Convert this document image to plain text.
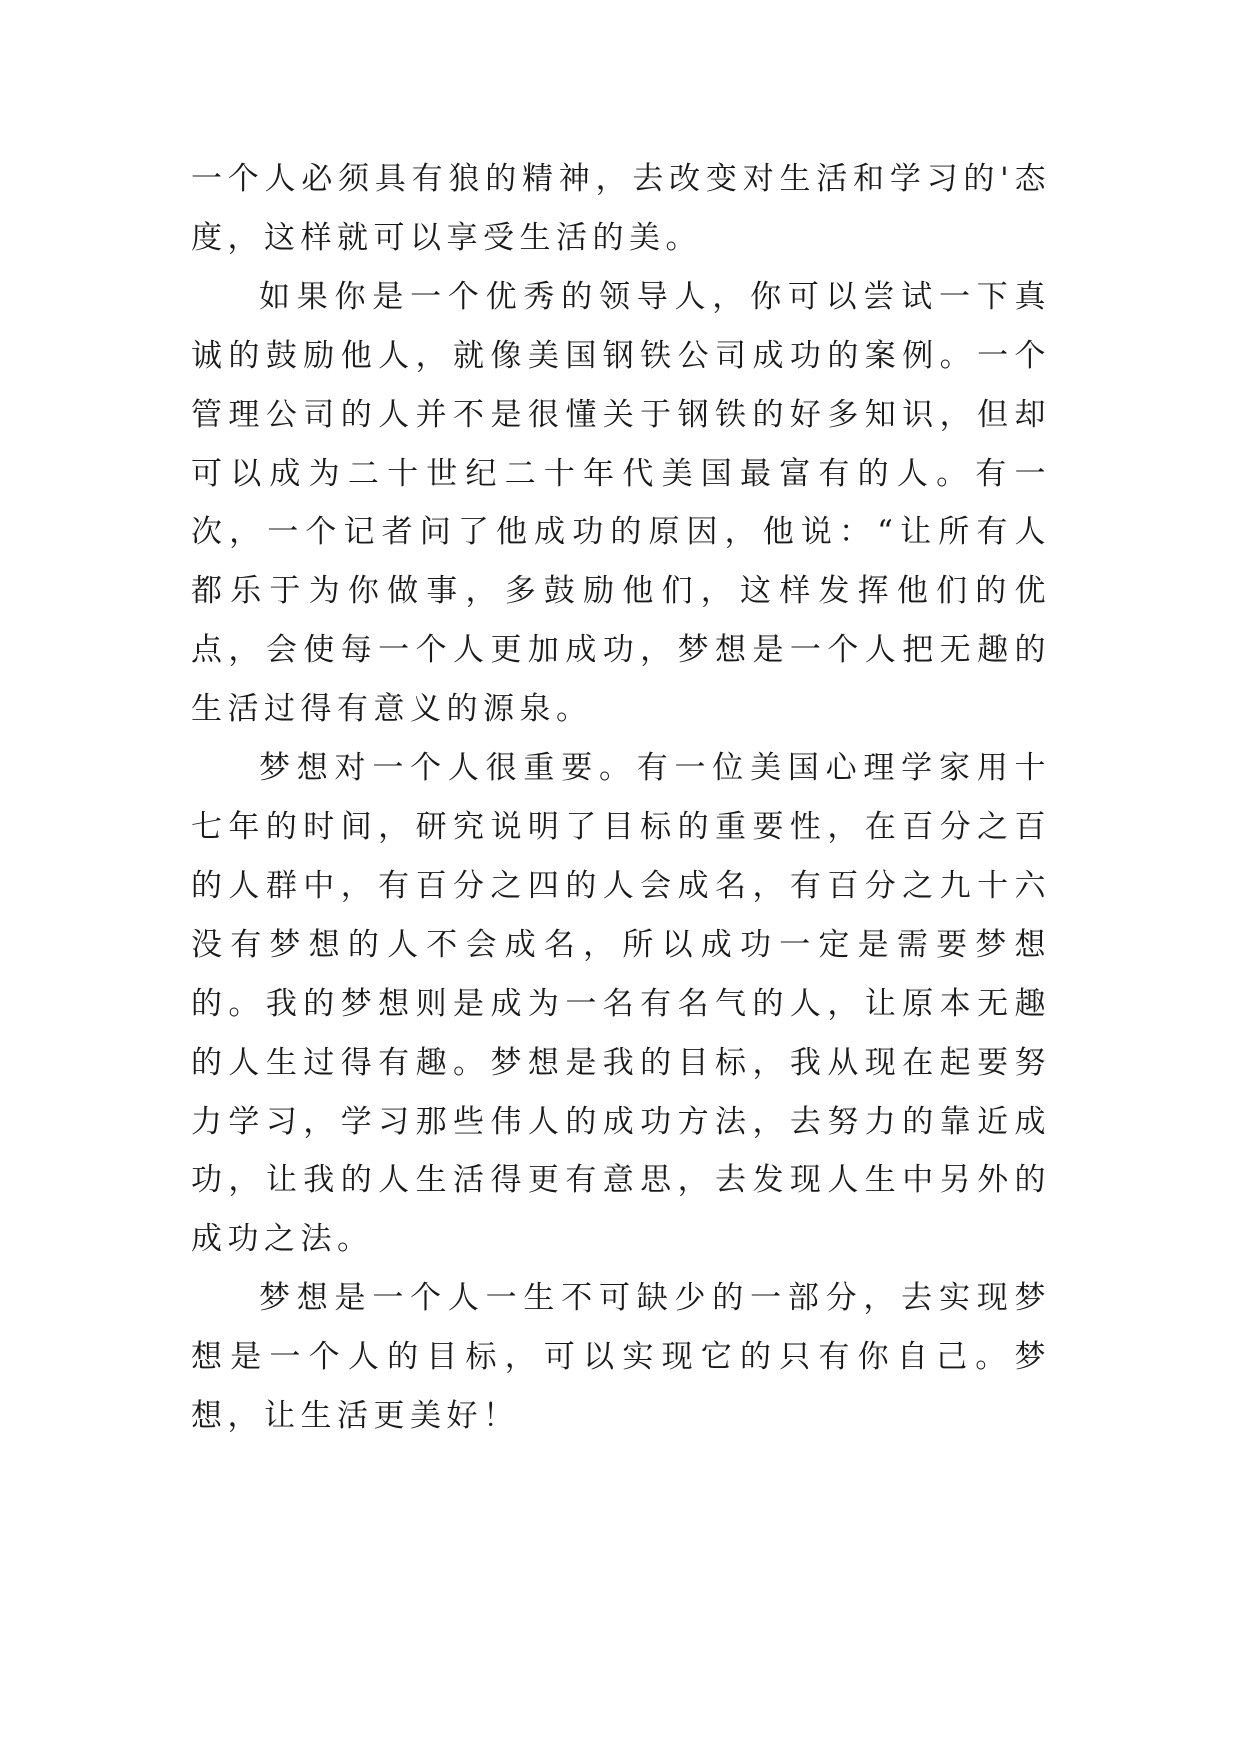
一个人必须具有狼的精神，去改变对生活和学习的'态度，这样就可以享受生活的美。

如果你是一个优秀的领导人，你可以尝试一下真诚的鼓励他人，就像美国钢铁公司成功的案例。一个管理公司的人并不是很懂关于钢铁的好多知识，但却可以成为二十世纪二十年代美国最富有的人。有一次，一个记者问了他成功的原因，他说：“让所有人都乐于为你做事，多鼓励他们，这样发挥他们的优点，会使每一个人更加成功，梦想是一个人把无趣的生活过得有意义的源泉。

梦想对一个人很重要。有一位美国心理学家用十七年的时间，研究说明了目标的重要性，在百分之百的人群中，有百分之四的人会成名，有百分之九十六没有梦想的人不会成名，所以成功一定是需要梦想的。我的梦想则是成为一名有名气的人，让原本无趣的人生过得有趣。梦想是我的目标，我从现在起要努力学习，学习那些伟人的成功方法，去努力的靠近成功，让我的人生活得更有意思，去发现人生中另外的成功之法。

梦想是一个人一生不可缺少的一部分，去实现梦想是一个人的目标，可以实现它的只有你自己。梦想，让生活更美好！
